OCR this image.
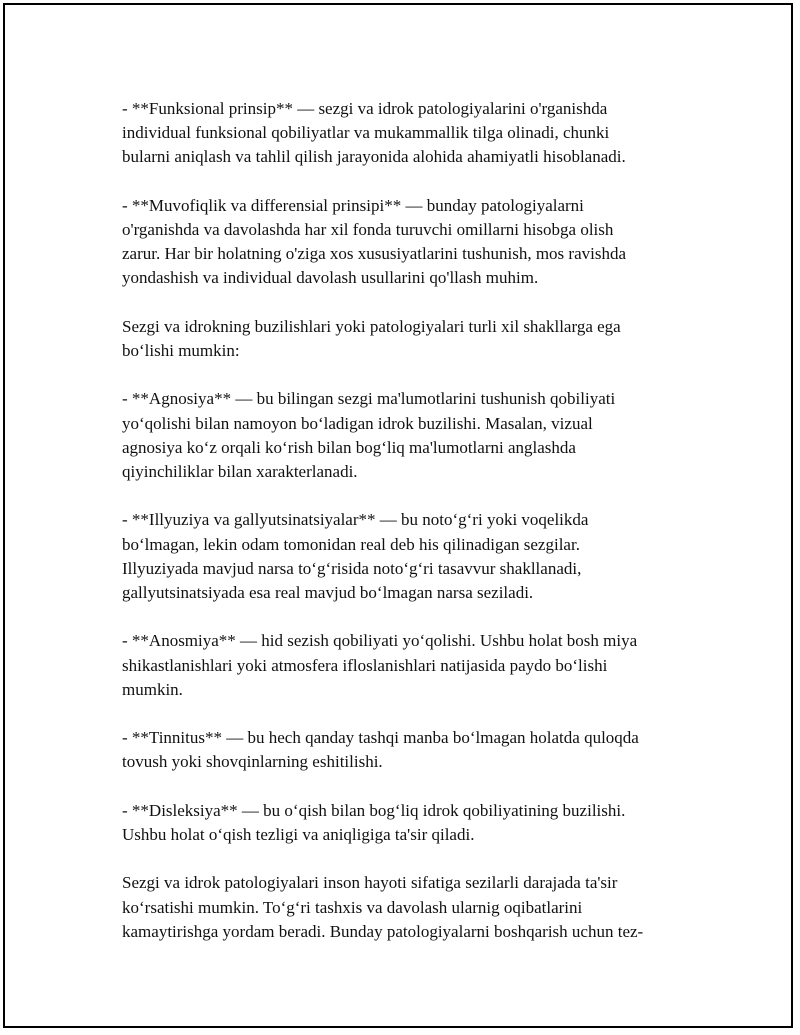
- **Funksional prinsip** — sezgi va idrok patologiyalarini o'rganishda
individual funksional qobiliyatlar va mukammallik tilga olinadi, chunki
bularni aniqlash va tahlil qilish jarayonida alohida ahamiyatli hisoblanadi.

- **Muvofiqlik va differensial prinsipi** — bunday patologiyalarni
o'rganishda va davolashda har xil fonda turuvchi omillarni hisobga olish
zarur. Har bir holatning o'ziga xos xususiyatlarini tushunish, mos ravishda
yondashish va individual davolash usullarini qo'llash muhim.

Sezgi va idrokning buzilishlari yoki patologiyalari turli xil shakllarga ega
bo‘lishi mumkin:

- **Agnosiya** — bu bilingan sezgi ma'lumotlarini tushunish qobiliyati
yo‘qolishi bilan namoyon bo‘ladigan idrok buzilishi. Masalan, vizual
agnosiya ko‘z orqali ko‘rish bilan bog‘liq ma'lumotlarni anglashda
qiyinchiliklar bilan xarakterlanadi.

- **Illyuziya va gallyutsinatsiyalar** — bu noto‘g‘ri yoki voqelikda
bo‘lmagan, lekin odam tomonidan real deb his qilinadigan sezgilar.
Illyuziyada mavjud narsa to‘g‘risida noto‘g‘ri tasavvur shakllanadi,
gallyutsinatsiyada esa real mavjud bo‘lmagan narsa seziladi.

- **Anosmiya** — hid sezish qobiliyati yo‘qolishi. Ushbu holat bosh miya
shikastlanishlari yoki atmosfera ifloslanishlari natijasida paydo bo‘lishi
mumkin.

- **Tinnitus** — bu hech qanday tashqi manba bo‘lmagan holatda quloqda
tovush yoki shovqinlarning eshitilishi.

- **Disleksiya** — bu o‘qish bilan bog‘liq idrok qobiliyatining buzilishi.
Ushbu holat o‘qish tezligi va aniqligiga ta'sir qiladi.

Sezgi va idrok patologiyalari inson hayoti sifatiga sezilarli darajada ta'sir
ko‘rsatishi mumkin. To‘g‘ri tashxis va davolash ularnig oqibatlarini
kamaytirishga yordam beradi. Bunday patologiyalarni boshqarish uchun tez-
